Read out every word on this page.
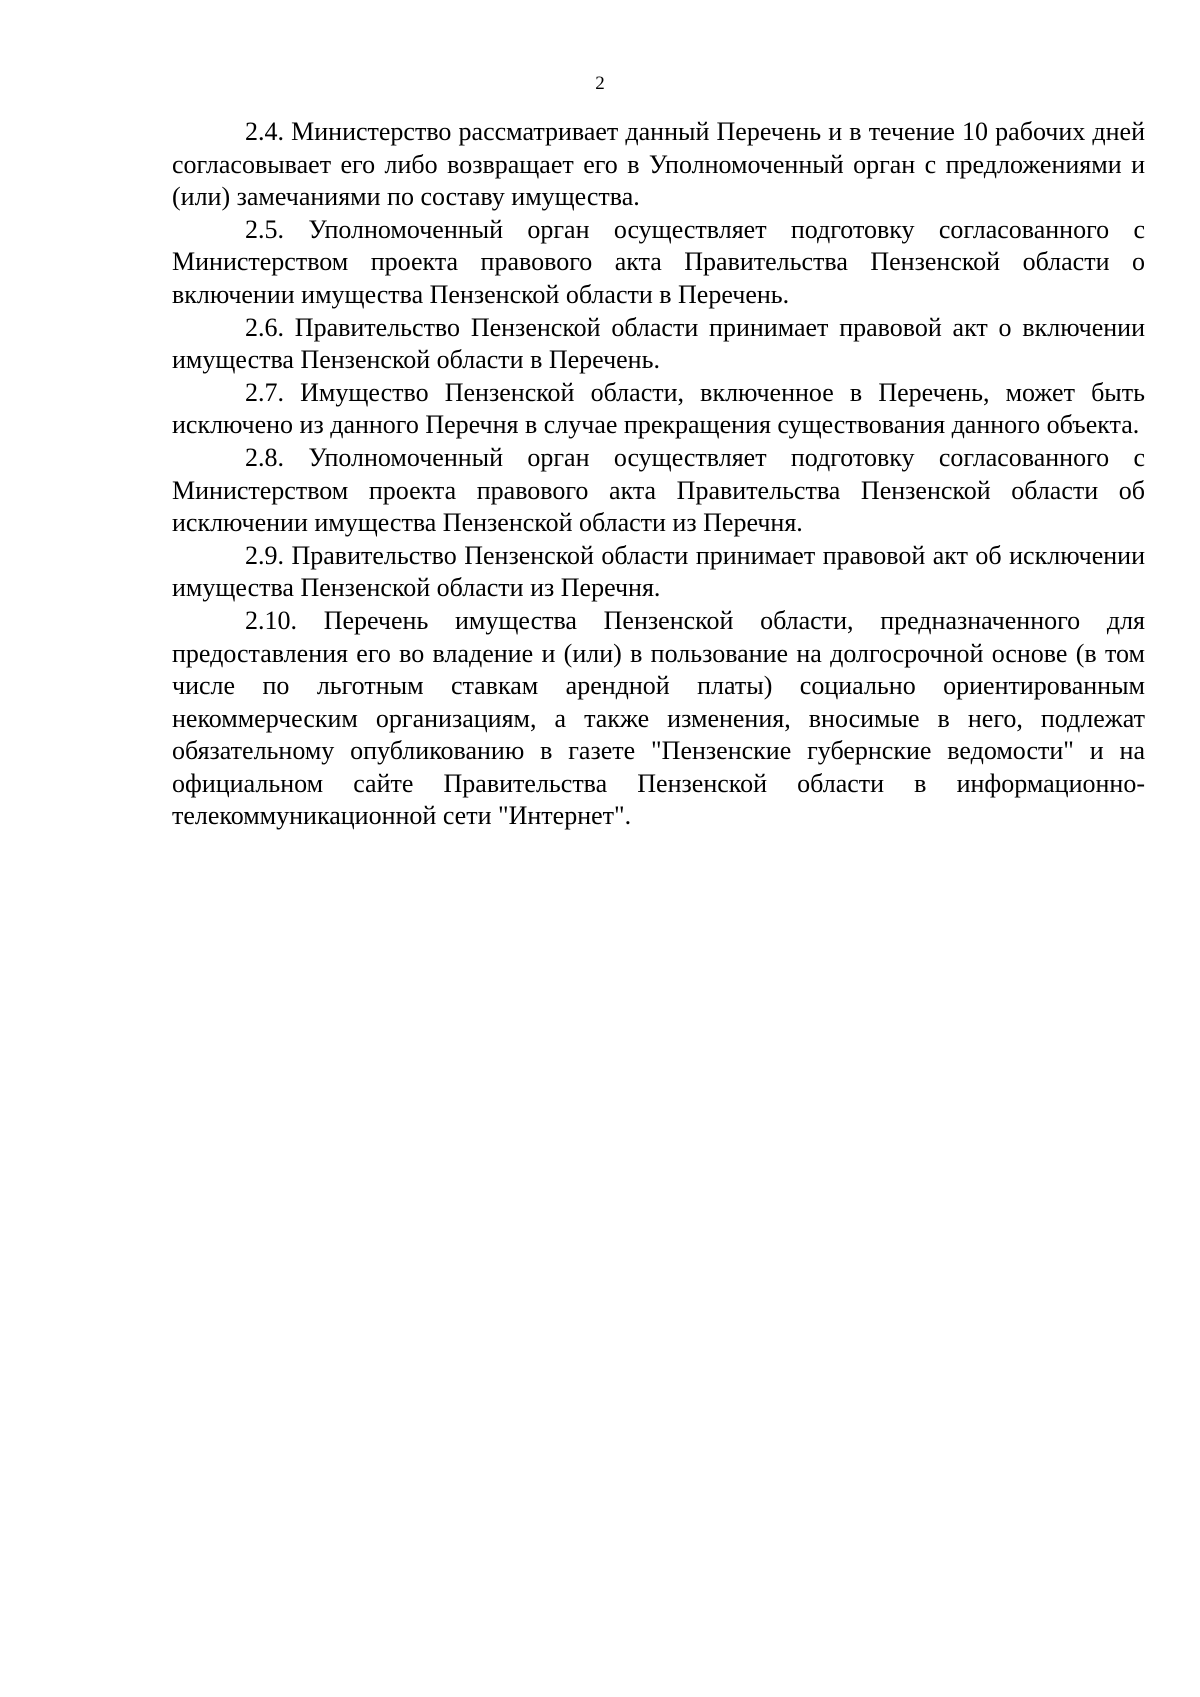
2

2.4. Министерство рассматривает данный Перечень и в течение 10 рабочих дней согласовывает его либо возвращает его в Уполномоченный орган с предложениями и (или) замечаниями по составу имущества.

2.5. Уполномоченный орган осуществляет подготовку согласованного с Министерством проекта правового акта Правительства Пензенской области о включении имущества Пензенской области в Перечень.

2.6. Правительство Пензенской области принимает правовой акт о включении имущества Пензенской области в Перечень.

2.7. Имущество Пензенской области, включенное в Перечень, может быть исключено из данного Перечня в случае прекращения существования данного объекта.

2.8. Уполномоченный орган осуществляет подготовку согласованного с Министерством проекта правового акта Правительства Пензенской области об исключении имущества Пензенской области из Перечня.

2.9. Правительство Пензенской области принимает правовой акт об исключении имущества Пензенской области из Перечня.

2.10. Перечень имущества Пензенской области, предназначенного для предоставления его во владение и (или) в пользование на долгосрочной основе (в том числе по льготным ставкам арендной платы) социально ориентированным некоммерческим организациям, а также изменения, вносимые в него, подлежат обязательному опубликованию в газете "Пензенские губернские ведомости" и на официальном сайте Правительства Пензенской области в информационно-телекоммуникационной сети "Интернет".
